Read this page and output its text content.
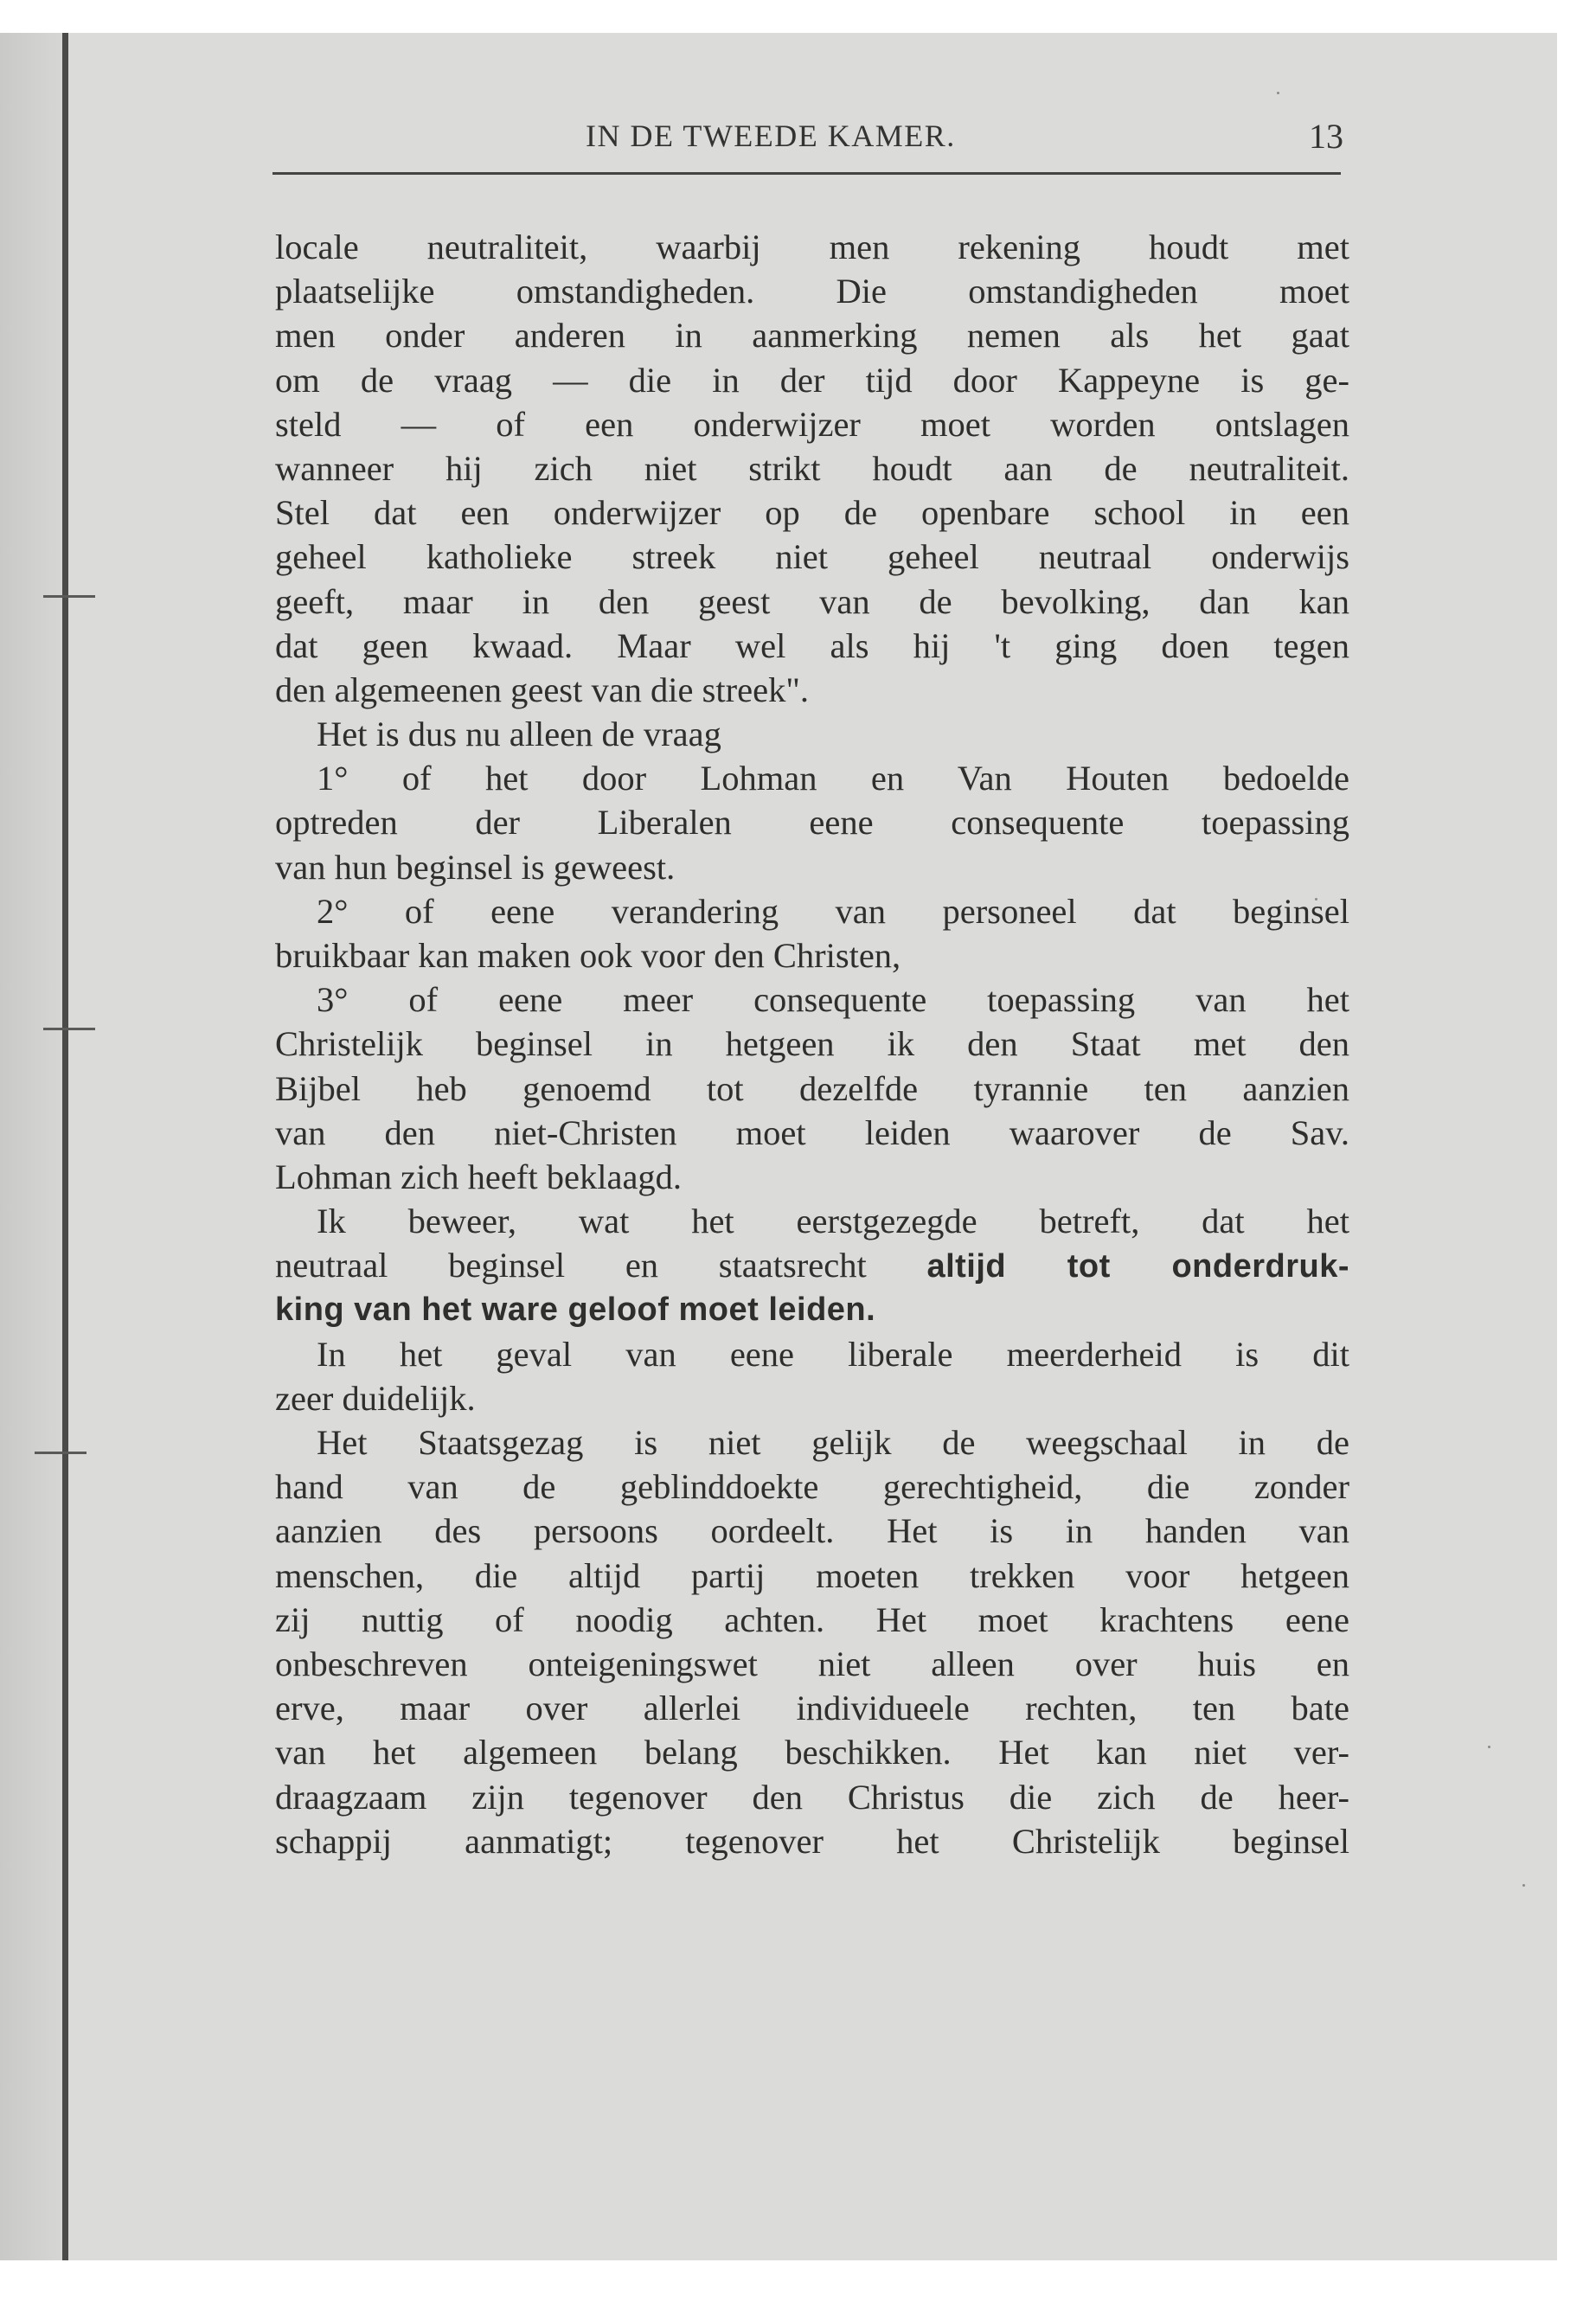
IN DE TWEEDE KAMER.	13
locale neutraliteit, waarbij men rekening houdt met
plaatselijke omstandigheden. Die omstandigheden moet
men onder anderen in aanmerking nemen als het gaat
om de vraag — die in der tijd door Kappeyne is ge-
steld — of een onderwijzer moet worden ontslagen
wanneer hij zich niet strikt houdt aan de neutraliteit.
Stel dat een onderwijzer op de openbare school in een
geheel katholieke streek niet geheel neutraal onderwijs
geeft, maar in den geest van de bevolking, dan kan
dat geen kwaad. Maar wel als hij 't ging doen tegen
den algemeenen geest van die streek".
Het is dus nu alleen de vraag
1° of het door Lohman en Van Houten bedoelde
optreden der Liberalen eene consequente toepassing
van hun beginsel is geweest.
2° of eene verandering van personeel dat beginsel
bruikbaar kan maken ook voor den Christen,
3° of eene meer consequente toepassing van het
Christelijk beginsel in hetgeen ik den Staat met den
Bijbel heb genoemd tot dezelfde tyrannie ten aanzien
van den niet-Christen moet leiden waarover de Sav.
Lohman zich heeft beklaagd.
Ik beweer, wat het eerstgezegde betreft, dat het
neutraal beginsel en staatsrecht altijd tot onderdruk-
king van het ware geloof moet leiden.
In het geval van eene liberale meerderheid is dit
zeer duidelijk.
Het Staatsgezag is niet gelijk de weegschaal in de
hand van de geblinddoekte gerechtigheid, die zonder
aanzien des persoons oordeelt. Het is in handen van
menschen, die altijd partij moeten trekken voor hetgeen
zij nuttig of noodig achten. Het moet krachtens eene
onbeschreven onteigeningswet niet alleen over huis en
erve, maar over allerlei individueele rechten, ten bate
van het algemeen belang beschikken. Het kan niet ver-
draagzaam zijn tegenover den Christus die zich de heer-
schappij aanmatigt; tegenover het Christelijk beginsel
